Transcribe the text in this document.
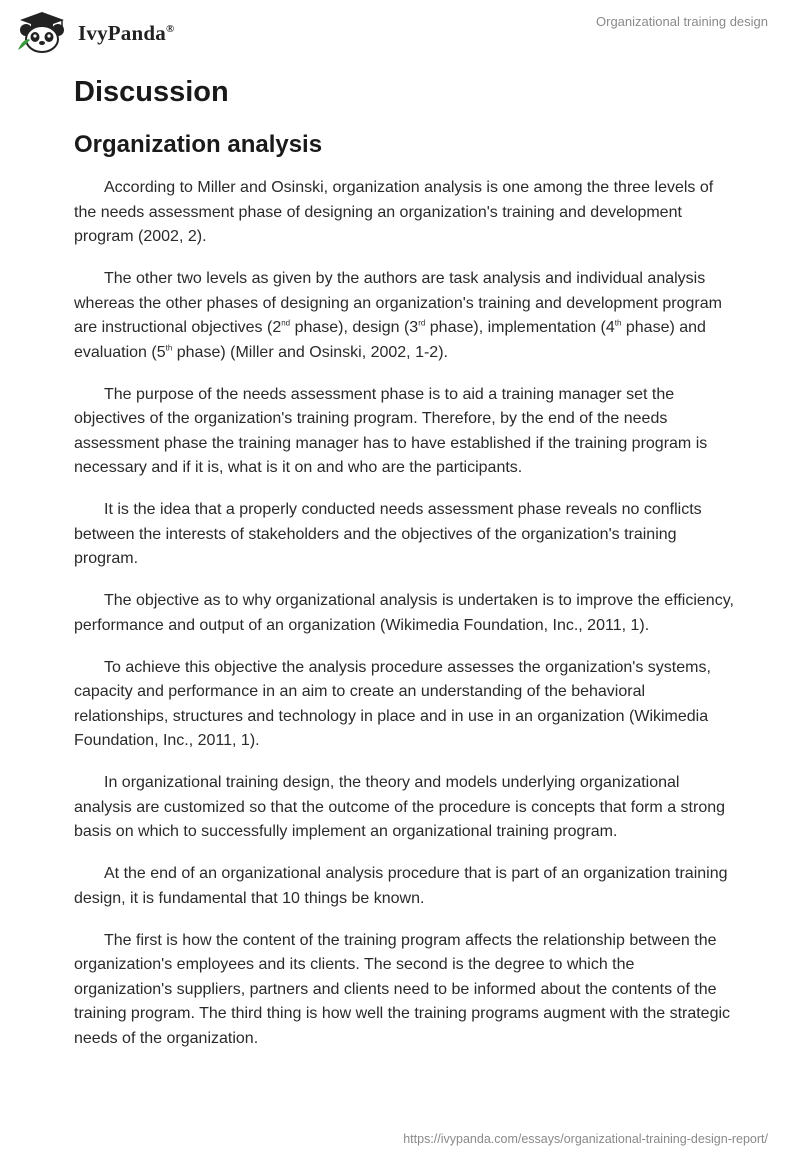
IvyPanda®	Organizational training design
Discussion
Organization analysis

According to Miller and Osinski, organization analysis is one among the three levels of the needs assessment phase of designing an organization's training and development program (2002, 2).

The other two levels as given by the authors are task analysis and individual analysis whereas the other phases of designing an organization's training and development program are instructional objectives (2nd phase), design (3rd phase), implementation (4th phase) and evaluation (5th phase) (Miller and Osinski, 2002, 1-2).

The purpose of the needs assessment phase is to aid a training manager set the objectives of the organization's training program. Therefore, by the end of the needs assessment phase the training manager has to have established if the training program is necessary and if it is, what is it on and who are the participants.

It is the idea that a properly conducted needs assessment phase reveals no conflicts between the interests of stakeholders and the objectives of the organization's training program.

The objective as to why organizational analysis is undertaken is to improve the efficiency, performance and output of an organization (Wikimedia Foundation, Inc., 2011, 1).

To achieve this objective the analysis procedure assesses the organization's systems, capacity and performance in an aim to create an understanding of the behavioral relationships, structures and technology in place and in use in an organization (Wikimedia Foundation, Inc., 2011, 1).

In organizational training design, the theory and models underlying organizational analysis are customized so that the outcome of the procedure is concepts that form a strong basis on which to successfully implement an organizational training program.

At the end of an organizational analysis procedure that is part of an organization training design, it is fundamental that 10 things be known.

The first is how the content of the training program affects the relationship between the organization's employees and its clients. The second is the degree to which the organization's suppliers, partners and clients need to be informed about the contents of the training program. The third thing is how well the training programs augment with the strategic needs of the organization.

https://ivypanda.com/essays/organizational-training-design-report/
